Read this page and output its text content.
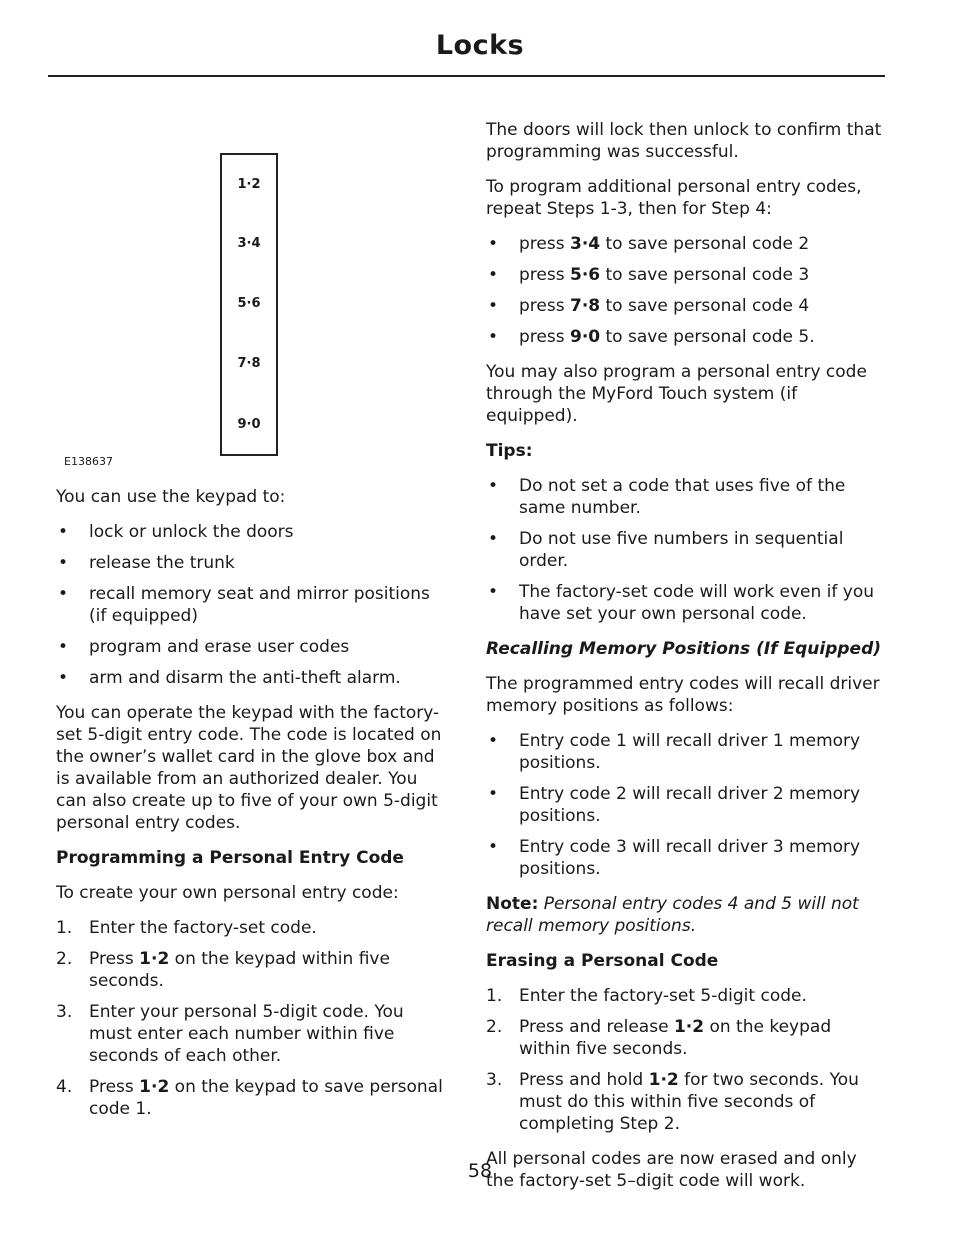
Locks
1·2
3·4
5·6
7·8
9·0
E138637

You can use the keypad to:

• lock or unlock the doors
• release the trunk
• recall memory seat and mirror positions (if equipped)
• program and erase user codes
• arm and disarm the anti-theft alarm.

You can operate the keypad with the factory-set 5-digit entry code. The code is located on the owner’s wallet card in the glove box and is available from an authorized dealer. You can also create up to five of your own 5-digit personal entry codes.

Programming a Personal Entry Code

To create your own personal entry code:

1. Enter the factory-set code.
2. Press 1·2 on the keypad within five seconds.
3. Enter your personal 5-digit code. You must enter each number within five seconds of each other.
4. Press 1·2 on the keypad to save personal code 1.

The doors will lock then unlock to confirm that programming was successful.

To program additional personal entry codes, repeat Steps 1-3, then for Step 4:

• press 3·4 to save personal code 2
• press 5·6 to save personal code 3
• press 7·8 to save personal code 4
• press 9·0 to save personal code 5.

You may also program a personal entry code through the MyFord Touch system (if equipped).

Tips:
• Do not set a code that uses five of the same number.
• Do not use five numbers in sequential order.
• The factory-set code will work even if you have set your own personal code.
Recalling Memory Positions (If Equipped)

The programmed entry codes will recall driver memory positions as follows:

• Entry code 1 will recall driver 1 memory positions.
• Entry code 2 will recall driver 2 memory positions.
• Entry code 3 will recall driver 3 memory positions.

Note: Personal entry codes 4 and 5 will not recall memory positions.

Erasing a Personal Code
1. Enter the factory-set 5-digit code.
2. Press and release 1·2 on the keypad within five seconds.
3. Press and hold 1·2 for two seconds. You must do this within five seconds of completing Step 2.

All personal codes are now erased and only the factory-set 5–digit code will work.

58
